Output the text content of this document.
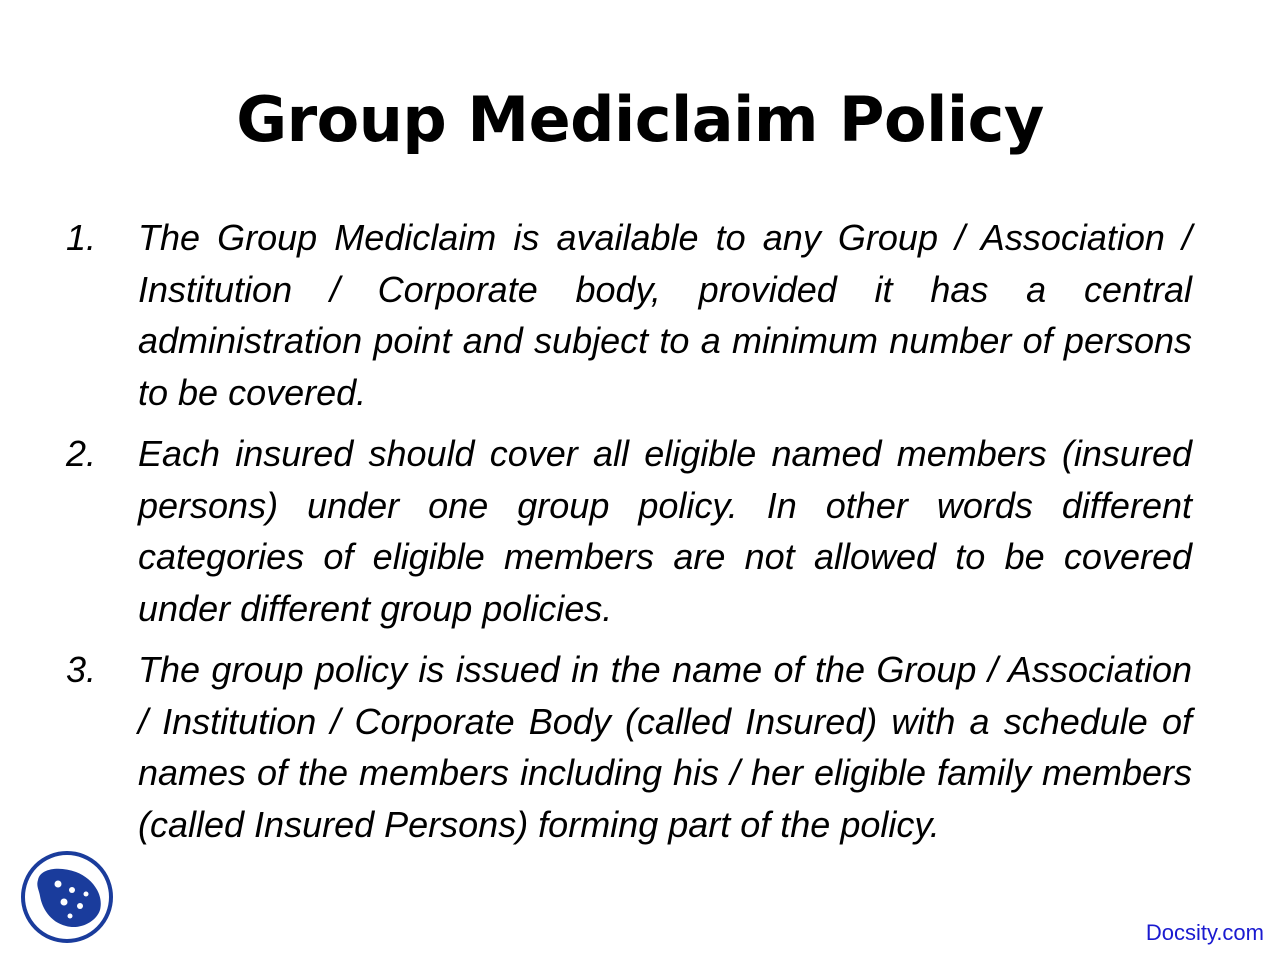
Group Mediclaim Policy
1.	The Group Mediclaim is available to any Group / Association / Institution / Corporate body, provided it has a central administration point and subject to a minimum number of persons to be covered.
2.	Each insured should cover all eligible named members (insured persons) under one group policy. In other words different categories of eligible members are not allowed to be covered under different group policies.
3.	The group policy is issued in the name of the Group / Association / Institution / Corporate Body (called Insured) with a schedule of names of the members including his / her eligible family members (called Insured Persons) forming part of the policy.
Docsity.com
